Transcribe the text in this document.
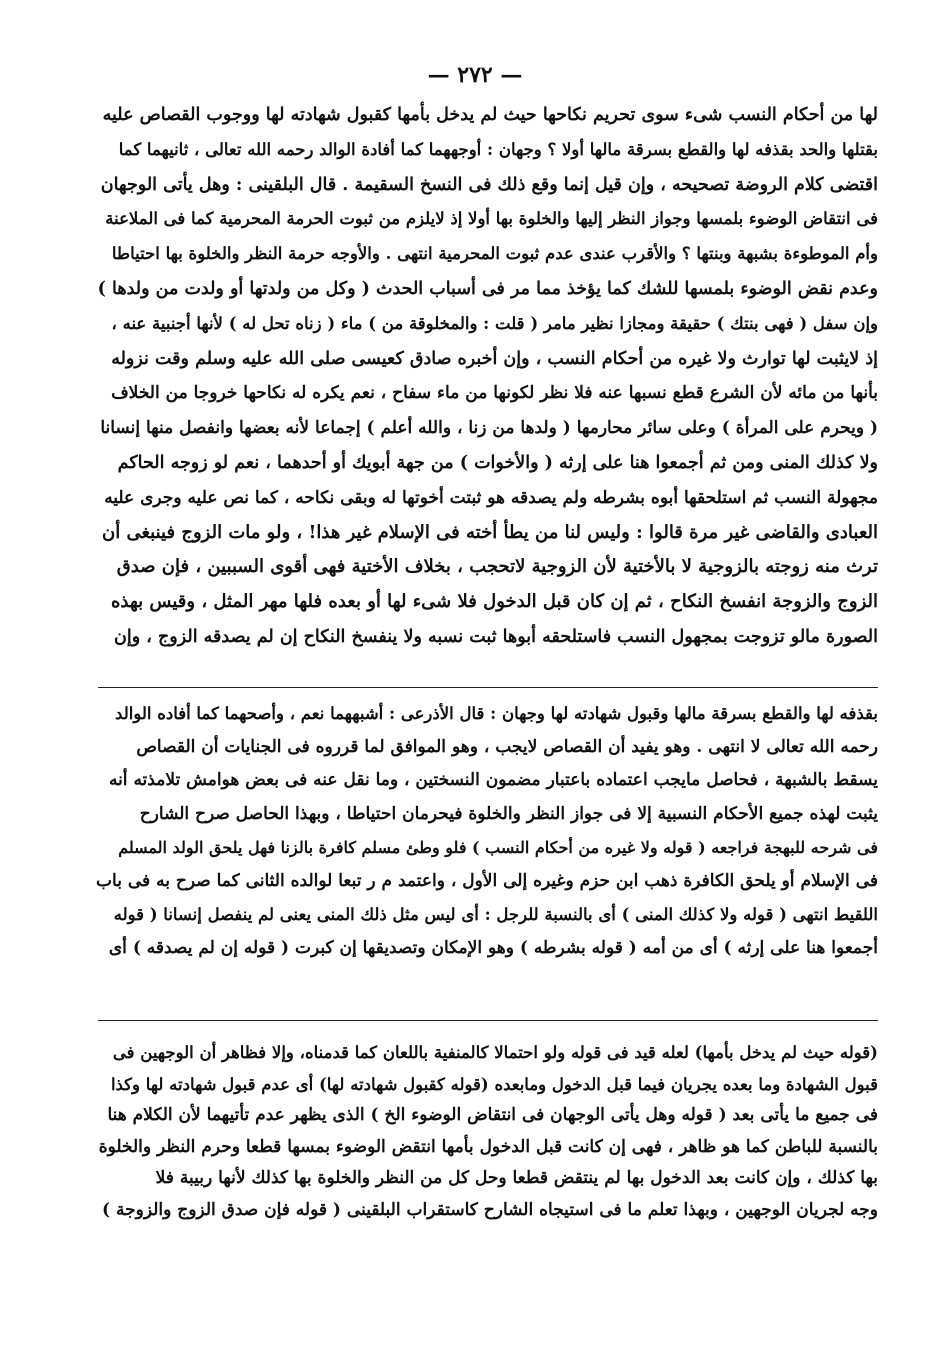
— ٢٧٢ —
لها من أحكام النسب شىء سوى تحريم نكاحها حيث لم يدخل بأمها كقبول شهادته لها ووجوب القصاص عليه
بقتلها والحد بقذفه لها والقطع بسرقة مالها أولا ؟ وجهان : أوجههما كما أفادة الوالد رحمه الله تعالى ، ثانيهما كما
اقتضى كلام الروضة تصحيحه ، وإن قيل إنما وقع ذلك فى النسخ السقيمة . قال البلقينى : وهل يأتى الوجهان
فى انتقاض الوضوء بلمسها وجواز النظر إليها والخلوة بها أولا إذ لايلزم من ثبوت الحرمة المحرمية كما فى الملاعنة
وأم الموطوءة بشبهة وبنتها ؟ والأقرب عندى عدم ثبوت المحرمية انتهى . والأوجه حرمة النظر والخلوة بها احتياطا
وعدم نقض الوضوء بلمسها للشك كما يؤخذ مما مر فى أسباب الحدث ( وكل من ولدتها أو ولدت من ولدها )
وإن سفل ( فهى بنتك ) حقيقة ومجازا نظير مامر ( قلت : والمخلوقة من ) ماء ( زناه تحل له ) لأنها أجنبية عنه ،
إذ لايثبت لها توارث ولا غيره من أحكام النسب ، وإن أخبره صادق كعيسى صلى الله عليه وسلم وقت نزوله
بأنها من مائه لأن الشرع قطع نسبها عنه فلا نظر لكونها من ماء سفاح ، نعم يكره له نكاحها خروجا من الخلاف
( ويحرم على المرأة ) وعلى سائر محارمها ( ولدها من زنا ، والله أعلم ) إجماعا لأنه بعضها وانفصل منها إنسانا
ولا كذلك المنى ومن ثم أجمعوا هنا على إرثه ( والأخوات ) من جهة أبويك أو أحدهما ، نعم لو زوجه الحاكم
مجهولة النسب ثم استلحقها أبوه بشرطه ولم يصدقه هو ثبتت أخوتها له وبقى نكاحه ، كما نص عليه وجرى عليه
العبادى والقاضى غير مرة قالوا : وليس لنا من يطأ أخته فى الإسلام غير هذا! ، ولو مات الزوج فينبغى أن
ترث منه زوجته بالزوجية لا بالأختية لأن الزوجية لاتحجب ، بخلاف الأختية فهى أقوى السببين ، فإن صدق
الزوج والزوجة انفسخ النكاح ، ثم إن كان قبل الدخول فلا شىء لها أو بعده فلها مهر المثل ، وقيس بهذه
الصورة مالو تزوجت بمجهول النسب فاستلحقه أبوها ثبت نسبه ولا ينفسخ النكاح إن لم يصدقه الزوج ، وإن
بقذفه لها والقطع بسرقة مالها وقبول شهادته لها وجهان : قال الأذرعى : أشبههما نعم ، وأصحهما كما أفاده الوالد
رحمه الله تعالى لا انتهى . وهو يفيد أن القصاص لايجب ، وهو الموافق لما قرروه فى الجنايات أن القصاص
يسقط بالشبهة ، فحاصل مايجب اعتماده باعتبار مضمون النسختين ، وما نقل عنه فى بعض هوامش تلامذته أنه
يثبت لهذه جميع الأحكام النسبية إلا فى جواز النظر والخلوة فيحرمان احتياطا ، وبهذا الحاصل صرح الشارح
فى شرحه للبهجة فراجعه ( قوله ولا غيره من أحكام النسب ) فلو وطئ مسلم كافرة بالزنا فهل يلحق الولد المسلم
فى الإسلام أو يلحق الكافرة ذهب ابن حزم وغيره إلى الأول ، واعتمد م ر تبعا لوالده الثانى كما صرح به فى باب
اللقيط انتهى ( قوله ولا كذلك المنى ) أى بالنسبة للرجل : أى ليس مثل ذلك المنى يعنى لم ينفصل إنسانا ( قوله
أجمعوا هنا على إرثه ) أى من أمه ( قوله بشرطه ) وهو الإمكان وتصديقها إن كبرت ( قوله إن لم يصدقه ) أى
(قوله حيث لم يدخل بأمها) لعله قيد فى قوله ولو احتمالا كالمنفية باللعان كما قدمناه، وإلا فظاهر أن الوجهين فى
قبول الشهادة وما بعده يجريان فيما قبل الدخول ومابعده (قوله كقبول شهادته لها) أى عدم قبول شهادته لها وكذا
فى جميع ما يأتى بعد ( قوله وهل يأتى الوجهان فى انتقاض الوضوء الخ ) الذى يظهر عدم تأتيهما لأن الكلام هنا
بالنسبة للباطن كما هو ظاهر ، فهى إن كانت قبل الدخول بأمها انتقض الوضوء بمسها قطعا وحرم النظر والخلوة
بها كذلك ، وإن كانت بعد الدخول بها لم ينتقض قطعا وحل كل من النظر والخلوة بها كذلك لأنها ربيبة فلا
وجه لجريان الوجهين ، وبهذا تعلم ما فى استيجاه الشارح كاستقراب البلقينى ( قوله فإن صدق الزوج والزوجة )
